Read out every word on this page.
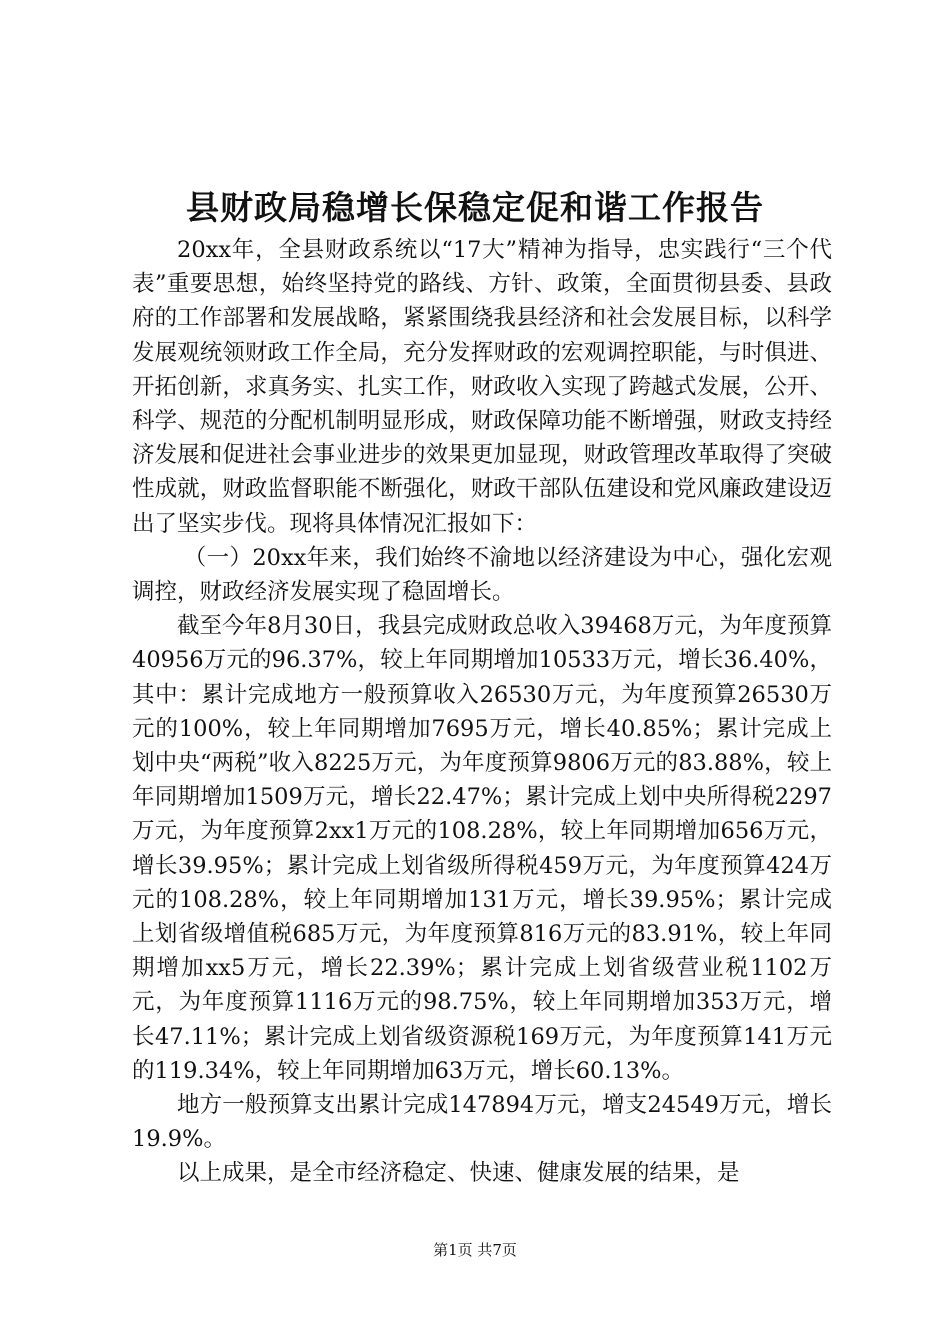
县财政局稳增长保稳定促和谐工作报告

20xx年，全县财政系统以“17大”精神为指导，忠实践行“三个代表”重要思想，始终坚持党的路线、方针、政策，全面贯彻县委、县政府的工作部署和发展战略，紧紧围绕我县经济和社会发展目标，以科学发展观统领财政工作全局，充分发挥财政的宏观调控职能，与时俱进、开拓创新，求真务实、扎实工作，财政收入实现了跨越式发展，公开、科学、规范的分配机制明显形成，财政保障功能不断增强，财政支持经济发展和促进社会事业进步的效果更加显现，财政管理改革取得了突破性成就，财政监督职能不断强化，财政干部队伍建设和党风廉政建设迈出了坚实步伐。现将具体情况汇报如下：

（一）20xx年来，我们始终不渝地以经济建设为中心，强化宏观调控，财政经济发展实现了稳固增长。

截至今年8月30日，我县完成财政总收入39468万元，为年度预算40956万元的96.37%，较上年同期增加10533万元，增长36.40%，其中：累计完成地方一般预算收入26530万元，为年度预算26530万元的100%，较上年同期增加7695万元，增长40.85%；累计完成上划中央“两税”收入8225万元，为年度预算9806万元的83.88%，较上年同期增加1509万元，增长22.47%；累计完成上划中央所得税2297万元，为年度预算2xx1万元的108.28%，较上年同期增加656万元，增长39.95%；累计完成上划省级所得税459万元，为年度预算424万元的108.28%，较上年同期增加131万元，增长39.95%；累计完成上划省级增值税685万元，为年度预算816万元的83.91%，较上年同期增加xx5万元，增长22.39%；累计完成上划省级营业税1102万元，为年度预算1116万元的98.75%，较上年同期增加353万元，增长47.11%；累计完成上划省级资源税169万元，为年度预算141万元的119.34%，较上年同期增加63万元，增长60.13%。

地方一般预算支出累计完成147894万元，增支24549万元，增长19.9%。

以上成果，是全市经济稳定、快速、健康发展的结果，是

第1页 共7页
